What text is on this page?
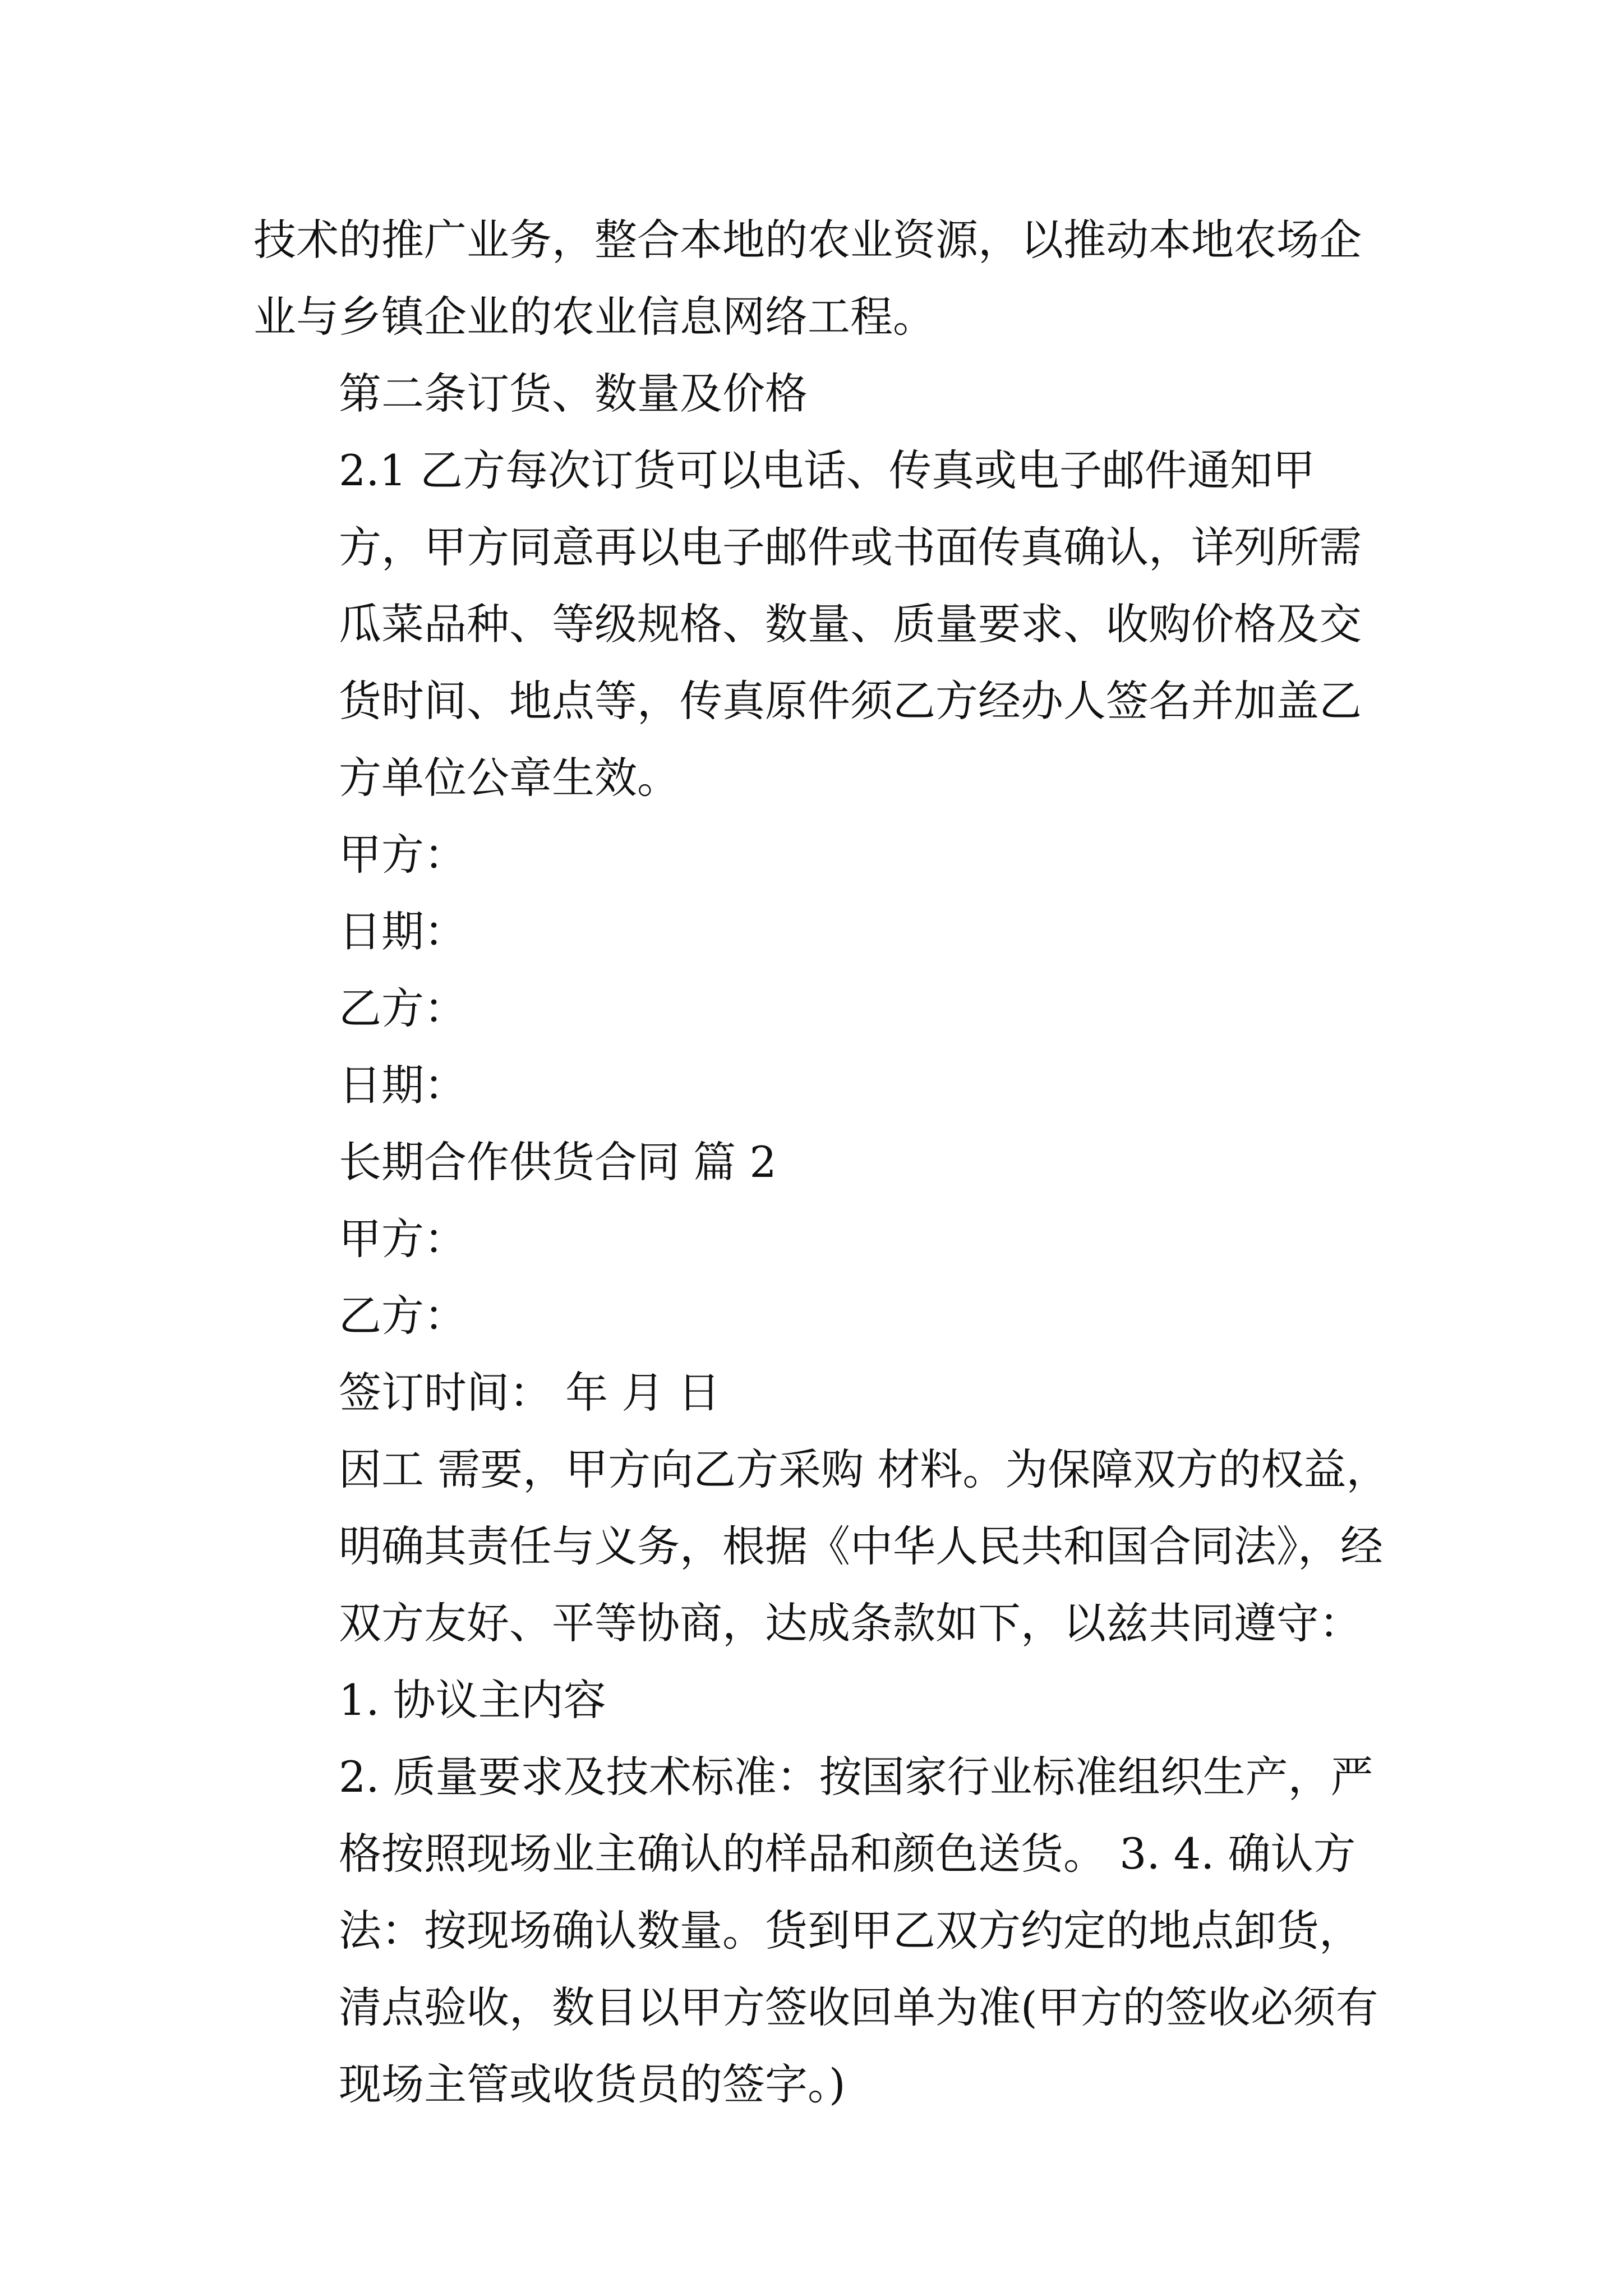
技术的推广业务，整合本地的农业资源，以推动本地农场企业与乡镇企业的农业信息网络工程。
第二条订货、数量及价格
2.1 乙方每次订货可以电话、传真或电子邮件通知甲方，甲方同意再以电子邮件或书面传真确认，详列所需瓜菜品种、等级规格、数量、质量要求、收购价格及交货时间、地点等，传真原件须乙方经办人签名并加盖乙方单位公章生效。
甲方：
日期：
乙方：
日期：
长期合作供货合同 篇 2
甲方：
乙方：
签订时间： 年 月 日
因工 需要，甲方向乙方采购 材料。为保障双方的权益，明确其责任与义务，根据《中华人民共和国合同法》，经双方友好、平等协商，达成条款如下，以兹共同遵守：
1. 协议主内容
2. 质量要求及技术标准：按国家行业标准组织生产，严格按照现场业主确认的样品和颜色送货。 3. 4. 确认方法：按现场确认数量。货到甲乙双方约定的地点卸货，清点验收，数目以甲方签收回单为准(甲方的签收必须有现场主管或收货员的签字。)
